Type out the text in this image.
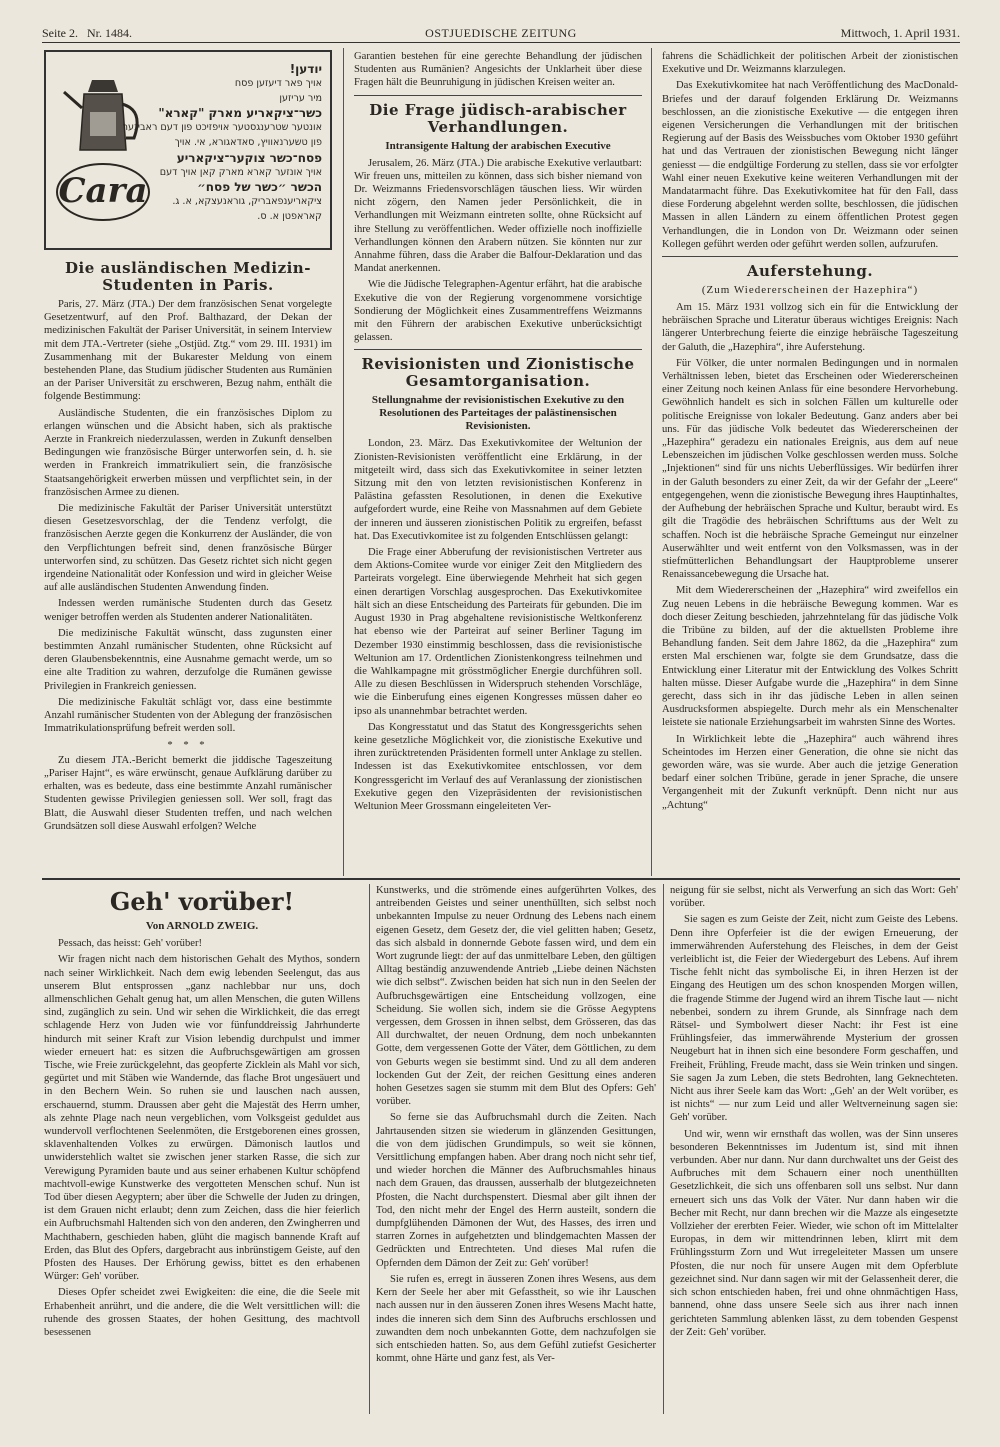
Seite 2. Nr. 1484.	OSTJUEDISCHE ZEITUNG	Mittwoch, 1. April 1931.
Cara
יודען!
אויך פאר דיעזען פסח
מיר עריזען
כשר־ציקאריע מארק "קארא"
אונטער שטרענגסטער אויפזיכט פון דעם ראבינער
פון טשערנאוויץ, סאדאגורא, אי. אויך
פסח־כשר צוקער־ציקאריע
אויך אונזער קארא מארק קאן אויך דעם
הכשר ״כשר של פסח״
ציקאריענפאבריק, גוראנעצקא, א. ג.
קאראפטן א. ס.
Die ausländischen Medizin-Studenten in Paris.

Paris, 27. März (JTA.) Der dem französischen Senat vorgelegte Gesetzentwurf, auf den Prof. Balthazard, der Dekan der medizinischen Fakultät der Pariser Universität, in seinem Interview mit dem JTA.-Vertreter (siehe „Ostjüd. Ztg.“ vom 29. III. 1931) im Zusammenhang mit der Bukarester Meldung von einem bestehenden Plane, das Studium jüdischer Studenten aus Rumänien an der Pariser Universität zu erschweren, Bezug nahm, enthält die folgende Bestimmung:

Ausländische Studenten, die ein französisches Diplom zu erlangen wünschen und die Absicht haben, sich als praktische Aerzte in Frankreich niederzulassen, werden in Zukunft denselben Bedingungen wie französische Bürger unterworfen sein, d. h. sie werden in Frankreich immatrikuliert sein, die französische Staatsangehörigkeit erwerben müssen und verpflichtet sein, in der französischen Armee zu dienen.

Die medizinische Fakultät der Pariser Universität unterstützt diesen Gesetzesvorschlag, der die Tendenz verfolgt, die französischen Aerzte gegen die Konkurrenz der Ausländer, die von den Verpflichtungen befreit sind, denen französische Bürger unterworfen sind, zu schützen. Das Gesetz richtet sich nicht gegen irgendeine Nationalität oder Konfession und wird in gleicher Weise auf alle ausländischen Studenten Anwendung finden.

Indessen werden rumänische Studenten durch das Gesetz weniger betroffen werden als Studenten anderer Nationalitäten.

Die medizinische Fakultät wünscht, dass zugunsten einer bestimmten Anzahl rumänischer Studenten, ohne Rücksicht auf deren Glaubensbekenntnis, eine Ausnahme gemacht werde, um so eine alte Tradition zu wahren, derzufolge die Rumänen gewisse Privilegien in Frankreich geniessen.

Die medizinische Fakultät schlägt vor, dass eine bestimmte Anzahl rumänischer Studenten von der Ablegung der französischen Immatrikulationsprüfung befreit werden soll.

* * *

Zu diesem JTA.-Bericht bemerkt die jiddische Tageszeitung „Pariser Hajnt“, es wäre erwünscht, genaue Aufklärung darüber zu erhalten, was es bedeute, dass eine bestimmte Anzahl rumänischer Studenten gewisse Privilegien geniessen soll. Wer soll, fragt das Blatt, die Auswahl dieser Studenten treffen, und nach welchen Grundsätzen soll diese Auswahl erfolgen? Welche

Garantien bestehen für eine gerechte Behandlung der jüdischen Studenten aus Rumänien? Angesichts der Unklarheit über diese Fragen hält die Beunruhigung in jüdischen Kreisen weiter an.

Die Frage jüdisch-arabischer Verhandlungen.
Intransigente Haltung der arabischen Executive

Jerusalem, 26. März (JTA.) Die arabische Exekutive verlautbart: Wir freuen uns, mitteilen zu können, dass sich bisher niemand von Dr. Weizmanns Friedensvorschlägen täuschen liess. Wir würden nicht zögern, den Namen jeder Persönlichkeit, die in Verhandlungen mit Weizmann eintreten sollte, ohne Rücksicht auf ihre Stellung zu veröffentlichen. Weder offizielle noch inoffizielle Verhandlungen können den Arabern nützen. Sie könnten nur zur Annahme führen, dass die Araber die Balfour-Deklaration und das Mandat anerkennen.

Wie die Jüdische Telegraphen-Agentur erfährt, hat die arabische Exekutive die von der Regierung vorgenommene vorsichtige Sondierung der Möglichkeit eines Zusammentreffens Weizmanns mit den Führern der arabischen Exekutive unberücksichtigt gelassen.

Revisionisten und Zionistische Gesamtorganisation.
Stellungnahme der revisionistischen Exekutive zu den Resolutionen des Parteitages der palästinensischen Revisionisten.

London, 23. März. Das Exekutivkomitee der Weltunion der Zionisten-Revisionisten veröffentlicht eine Erklärung, in der mitgeteilt wird, dass sich das Exekutivkomitee in seiner letzten Sitzung mit den von letzten revisionistischen Konferenz in Palästina gefassten Resolutionen, in denen die Exekutive aufgefordert wurde, eine Reihe von Massnahmen auf dem Gebiete der inneren und äusseren zionistischen Politik zu ergreifen, befasst hat. Das Executivkomitee ist zu folgenden Entschlüssen gelangt:

Die Frage einer Abberufung der revisionistischen Vertreter aus dem Aktions-Comitee wurde vor einiger Zeit den Mitgliedern des Parteirats vorgelegt. Eine überwiegende Mehrheit hat sich gegen einen derartigen Vorschlag ausgesprochen. Das Exekutivkomitee hält sich an diese Entscheidung des Parteirats für gebunden. Die im August 1930 in Prag abgehaltene revisionistische Weltkonferenz hat ebenso wie der Parteirat auf seiner Berliner Tagung im Dezember 1930 einstimmig beschlossen, dass die revisionistische Weltunion am 17. Ordentlichen Zionistenkongress teilnehmen und die Wahlkampagne mit grösstmöglicher Energie durchführen soll. Alle zu diesen Beschlüssen in Widerspruch stehenden Vorschläge, wie die Einberufung eines eigenen Kongresses müssen daher eo ipso als unannehmbar betrachtet werden.

Das Kongresstatut und das Statut des Kongressgerichts sehen keine gesetzliche Möglichkeit vor, die zionistische Exekutive und ihren zurücktretenden Präsidenten formell unter Anklage zu stellen. Indessen ist das Exekutivkomitee entschlossen, vor dem Kongressgericht im Verlauf des auf Veranlassung der zionistischen Exekutive gegen den Vizepräsidenten der revisionistischen Weltunion Meer Grossmann eingeleiteten Ver-

fahrens die Schädlichkeit der politischen Arbeit der zionistischen Exekutive und Dr. Weizmanns klarzulegen.

Das Exekutivkomitee hat nach Veröffentlichung des MacDonald-Briefes und der darauf folgenden Erklärung Dr. Weizmanns beschlossen, an die zionistische Exekutive — die entgegen ihren eigenen Versicherungen die Verhandlungen mit der britischen Regierung auf der Basis des Weissbuches vom Oktober 1930 geführt hat und das Vertrauen der zionistischen Bewegung nicht länger geniesst — die endgültige Forderung zu stellen, dass sie vor erfolgter Wahl einer neuen Exekutive keine weiteren Verhandlungen mit der Mandatarmacht führe. Das Exekutivkomitee hat für den Fall, dass diese Forderung abgelehnt werden sollte, beschlossen, die jüdischen Massen in allen Ländern zu einem öffentlichen Protest gegen Verhandlungen, die in London von Dr. Weizmann oder seinen Kollegen geführt werden oder geführt werden sollen, aufzurufen.

Auferstehung.
(Zum Wiedererscheinen der Hazephira“)

Am 15. März 1931 vollzog sich ein für die Entwicklung der hebräischen Sprache und Literatur überaus wichtiges Ereignis: Nach längerer Unterbrechung feierte die einzige hebräische Tageszeitung der Galuth, die „Hazephira“, ihre Auferstehung.

Für Völker, die unter normalen Bedingungen und in normalen Verhältnissen leben, bietet das Erscheinen oder Wiedererscheinen einer Zeitung noch keinen Anlass für eine besondere Hervorhebung. Gewöhnlich handelt es sich in solchen Fällen um kulturelle oder politische Ereignisse von lokaler Bedeutung. Ganz anders aber bei uns. Für das jüdische Volk bedeutet das Wiedererscheinen der „Hazephira“ geradezu ein nationales Ereignis, aus dem auf neue Lebenszeichen im jüdischen Volke geschlossen werden muss. Solche „Injektionen“ sind für uns nichts Ueberflüssiges. Wir bedürfen ihrer in der Galuth besonders zu einer Zeit, da wir der Gefahr der „Leere“ entgegengehen, wenn die zionistische Bewegung ihres Hauptinhaltes, der Aufhebung der hebräischen Sprache und Kultur, beraubt wird. Es gilt die Tragödie des hebräischen Schrifttums aus der Welt zu schaffen. Noch ist die hebräische Sprache Gemeingut nur einzelner Auserwählter und weit entfernt von den Volksmassen, was in der stiefmütterlichen Behandlungsart der Hauptprobleme unserer Renaissancebewegung die Ursache hat.

Mit dem Wiedererscheinen der „Hazephira“ wird zweifellos ein Zug neuen Lebens in die hebräische Bewegung kommen. War es doch dieser Zeitung beschieden, jahrzehntelang für das jüdische Volk die Tribüne zu bilden, auf der die aktuellsten Probleme ihre Behandlung fanden. Seit dem Jahre 1862, da die „Hazephira“ zum ersten Mal erschienen war, folgte sie dem Grundsatze, dass die Entwicklung einer Literatur mit der Entwicklung des Volkes Schritt halten müsse. Dieser Aufgabe wurde die „Hazephira“ in dem Sinne gerecht, dass sich in ihr das jüdische Leben in allen seinen Ausdrucksformen abspiegelte. Durch mehr als ein Menschenalter leistete sie nationale Erziehungsarbeit im wahrsten Sinne des Wortes.

In Wirklichkeit lebte die „Hazephira“ auch während ihres Scheintodes im Herzen einer Generation, die ohne sie nicht das geworden wäre, was sie wurde. Aber auch die jetzige Generation bedarf einer solchen Tribüne, gerade in jener Sprache, die unsere Vergangenheit mit der Zukunft verknüpft. Denn nicht nur aus „Achtung“

Geh' vorüber!
Von ARNOLD ZWEIG.

Pessach, das heisst: Geh' vorüber!

Wir fragen nicht nach dem historischen Gehalt des Mythos, sondern nach seiner Wirklichkeit. Nach dem ewig lebenden Seelengut, das aus unserem Blut entsprossen „ganz nachlebbar nur uns, doch allmenschlichen Gehalt genug hat, um allen Menschen, die guten Willens sind, zugänglich zu sein. Und wir sehen die Wirklichkeit, die das erregt schlagende Herz von Juden wie vor fünfunddreissig Jahrhunderte hindurch mit seiner Kraft zur Vision lebendig durchpulst und immer wieder erneuert hat: es sitzen die Aufbruchsgewärtigen am grossen Tische, wie Freie zurückgelehnt, das geopferte Zicklein als Mahl vor sich, gegürtet und mit Stäben wie Wandernde, das flache Brot ungesäuert und in den Bechern Wein. So ruhen sie und lauschen nach aussen, erschauernd, stumm. Draussen aber geht die Majestät des Herrn umher, als zehnte Plage nach neun vergeblichen, vom Volksgeist geduldet aus wundervoll verflochtenen Seelenmöten, die Erstgeborenen eines grossen, sklavenhaltenden Volkes zu erwürgen. Dämonisch lautlos und unwiderstehlich waltet sie zwischen jener starken Rasse, die sich zur Verewigung Pyramiden baute und aus seiner erhabenen Kultur schöpfend machtvoll-ewige Kunstwerke des vergotteten Menschen schuf. Nun ist Tod über diesen Aegyptern; aber über die Schwelle der Juden zu dringen, ist dem Grauen nicht erlaubt; denn zum Zeichen, dass die hier feierlich ein Aufbruchsmahl Haltenden sich von den anderen, den Zwingherren und Machthabern, geschieden haben, glüht die magisch bannende Kraft auf Erden, das Blut des Opfers, dargebracht aus inbrünstigem Geiste, auf den Pfosten des Hauses. Der Erhörung gewiss, bittet es den erhabenen Würger: Geh' vorüber.

Dieses Opfer scheidet zwei Ewigkeiten: die eine, die die Seele mit Erhabenheit anrührt, und die andere, die die Welt versittlichen will: die ruhende des grossen Staates, der hohen Gesittung, des machtvoll besessenen

Kunstwerks, und die strömende eines aufgerührten Volkes, des antreibenden Geistes und seiner unenthüllten, sich selbst noch unbekannten Impulse zu neuer Ordnung des Lebens nach einem eigenen Gesetz, dem Gesetz der, die viel gelitten haben; Gesetz, das sich alsbald in donnernde Gebote fassen wird, und dem ein Wort zugrunde liegt: der auf das unmittelbare Leben, den gültigen Alltag beständig anzuwendende Antrieb „Liebe deinen Nächsten wie dich selbst“. Zwischen beiden hat sich nun in den Seelen der Aufbruchsgewärtigen eine Entscheidung vollzogen, eine Scheidung. Sie wollen sich, indem sie die Grösse Aegyptens vergessen, dem Grossen in ihnen selbst, dem Grösseren, das das All durchwaltet, der neuen Ordnung, dem noch unbekannten Gotte, dem vergessenen Gotte der Väter, dem Göttlichen, zu dem von Geburts wegen sie bestimmt sind. Und zu all dem anderen lockenden Gut der Zeit, der reichen Gesittung eines anderen hohen Gesetzes sagen sie stumm mit dem Blut des Opfers: Geh' vorüber.

So ferne sie das Aufbruchsmahl durch die Zeiten. Nach Jahrtausenden sitzen sie wiederum in glänzenden Gesittungen, die von dem jüdischen Grundimpuls, so weit sie können, Versittlichung empfangen haben. Aber drang noch nicht sehr tief, und wieder horchen die Männer des Aufbruchsmahles hinaus nach dem Grauen, das draussen, ausserhalb der blutgezeichneten Pfosten, die Nacht durchspenstert. Diesmal aber gilt ihnen der Tod, den nicht mehr der Engel des Herrn austeilt, sondern die dumpfglühenden Dämonen der Wut, des Hasses, des irren und starren Zornes in aufgehetzten und blindgemachten Massen der Gedrückten und Entrechteten. Und dieses Mal rufen die Opfernden dem Dämon der Zeit zu: Geh' vorüber!

Sie rufen es, erregt in äusseren Zonen ihres Wesens, aus dem Kern der Seele her aber mit Gefasstheit, so wie ihr Lauschen nach aussen nur in den äusseren Zonen ihres Wesens Macht hatte, indes die inneren sich dem Sinn des Aufbruchs erschlossen und zuwandten dem noch unbekannten Gotte, dem nachzufolgen sie sich entschieden hatten. So, aus dem Gefühl zutiefst Gesicherter kommt, ohne Härte und ganz fest, als Ver-

neigung für sie selbst, nicht als Verwerfung an sich das Wort: Geh' vorüber.

Sie sagen es zum Geiste der Zeit, nicht zum Geiste des Lebens. Denn ihre Opferfeier ist die der ewigen Erneuerung, der immerwährenden Auferstehung des Fleisches, in dem der Geist verleiblicht ist, die Feier der Wiedergeburt des Lebens. Auf ihrem Tische fehlt nicht das symbolische Ei, in ihren Herzen ist der Eingang des Heutigen um des schon knospenden Morgen willen, die fragende Stimme der Jugend wird an ihrem Tische laut — nicht nebenbei, sondern zu ihrem Grunde, als Sinnfrage nach dem Rätsel- und Symbolwert dieser Nacht: ihr Fest ist eine Frühlingsfeier, das immerwährende Mysterium der grossen Neugeburt hat in ihnen sich eine besondere Form geschaffen, und Freiheit, Frühling, Freude macht, dass sie Wein trinken und singen. Sie sagen Ja zum Leben, die stets Bedrohten, lang Geknechteten. Nicht aus ihrer Seele kam das Wort: „Geh' an der Welt vorüber, es ist nichts“ — nur zum Leid und aller Weltverneinung sagen sie: Geh' vorüber.

Und wir, wenn wir ernsthaft das wollen, was der Sinn unseres besonderen Bekenntnisses im Judentum ist, sind mit ihnen verbunden. Aber nur dann. Nur dann durchwaltet uns der Geist des Aufbruches mit dem Schauern einer noch unenthüllten Gesetzlichkeit, die sich uns offenbaren soll uns selbst. Nur dann erneuert sich uns das Volk der Väter. Nur dann haben wir die Becher mit Recht, nur dann brechen wir die Mazze als eingesetzte Vollzieher der ererbten Feier. Wieder, wie schon oft im Mittelalter Europas, in dem wir mittendrinnen leben, klirrt mit dem Frühlingssturm Zorn und Wut irregeleiteter Massen um unsere Pfosten, die nur noch für unsere Augen mit dem Opferblute gezeichnet sind. Nur dann sagen wir mit der Gelassenheit derer, die sich schon entschieden haben, frei und ohne ohnmächtigen Hass, bannend, ohne dass unsere Seele sich aus ihrer nach innen gerichteten Sammlung ablenken lässt, zu dem tobenden Gespenst der Zeit: Geh' vorüber.
